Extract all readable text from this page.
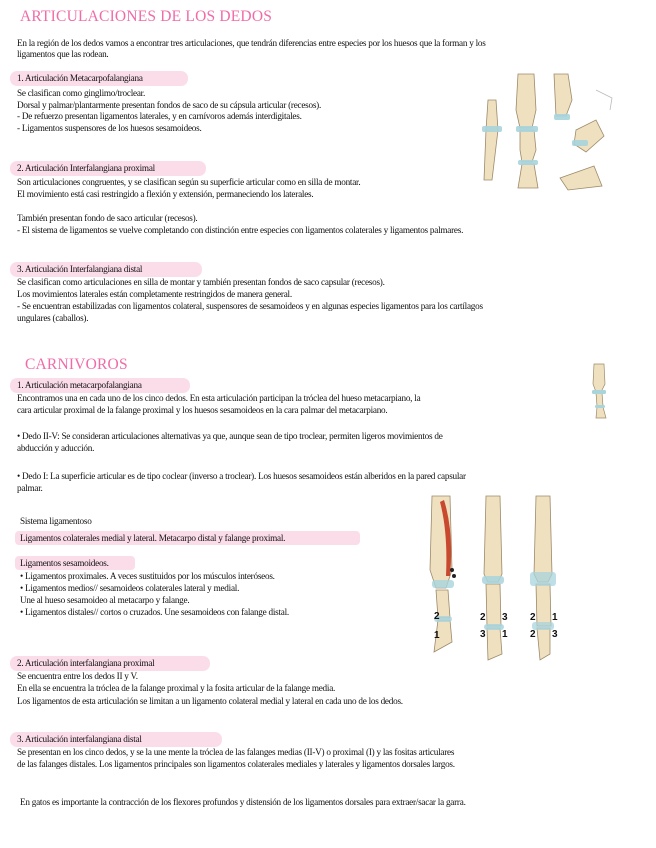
ARTICULACIONES DE LOS DEDOS
En la región de los dedos vamos a encontrar tres articulaciones, que tendrán diferencias entre especies por los huesos que la forman y los
ligamentos que las rodean.
1. Articulación Metacarpofalangiana
Se clasifican como ginglimo/troclear.
Dorsal y palmar/plantarmente presentan fondos de saco de su cápsula articular (recesos).
- De refuerzo presentan ligamentos laterales, y en carnívoros además interdigitales.
- Ligamentos suspensores de los huesos sesamoideos.
2. Articulación Interfalangiana proximal
Son articulaciones congruentes, y se clasifican según su superficie articular como en silla de montar.
El movimiento está casi restringido a flexión y extensión, permaneciendo los laterales.
También presentan fondo de saco articular (recesos).
- El sistema de ligamentos se vuelve completando con distinción entre especies con ligamentos colaterales y ligamentos palmares.
3. Articulación Interfalangiana distal
Se clasifican como articulaciones en silla de montar y también presentan fondos de saco capsular (recesos).
Los movimientos laterales están completamente restringidos de manera general.
- Se encuentran estabilizadas con ligamentos colateral, suspensores de sesamoideos y en algunas especies ligamentos para los cartílagos
ungulares (caballos).
CARNIVOROS
1. Articulación metacarpofalangiana
Encontramos una en cada uno de los cinco dedos. En esta articulación participan la tróclea del hueso metacarpiano, la
cara articular proximal de la falange proximal y los huesos sesamoideos en la cara palmar del metacarpiano.
• Dedo II-V: Se consideran articulaciones alternativas ya que, aunque sean de tipo troclear, permiten ligeros movimientos de
abducción y aducción.
• Dedo I: La superficie articular es de tipo coclear (inverso a troclear). Los huesos sesamoideos están alberidos en la pared capsular
palmar.
Sistema ligamentoso
Ligamentos colaterales medial y lateral. Metacarpo distal y falange proximal.
Ligamentos sesamoideos.
• Ligamentos proximales. A veces sustituidos por los músculos interóseos.
• Ligamentos medios// sesamoideos colaterales lateral y medial.
Une al hueso sesamoideo al metacarpo y falange.
• Ligamentos distales// cortos o cruzados. Une sesamoideos con falange distal.
2. Articulación interfalangiana proximal
Se encuentra entre los dedos II y V.
En ella se encuentra la tróclea de la falange proximal y la fosita articular de la falange media.
Los ligamentos de esta articulación se limitan a un ligamento colateral medial y lateral en cada uno de los dedos.
3. Articulación interfalangiana distal
Se presentan en los cinco dedos, y se la une mente la tróclea de las falanges medias (II-V) o proximal (I) y las fositas articulares
de las falanges distales. Los ligamentos principales son ligamentos colaterales mediales y laterales y ligamentos dorsales largos.
En gatos es importante la contracción de los flexores profundos y distensión de los ligamentos dorsales para extraer/sacar la garra.
2
1
2 3
3 1
2 1
2 3
